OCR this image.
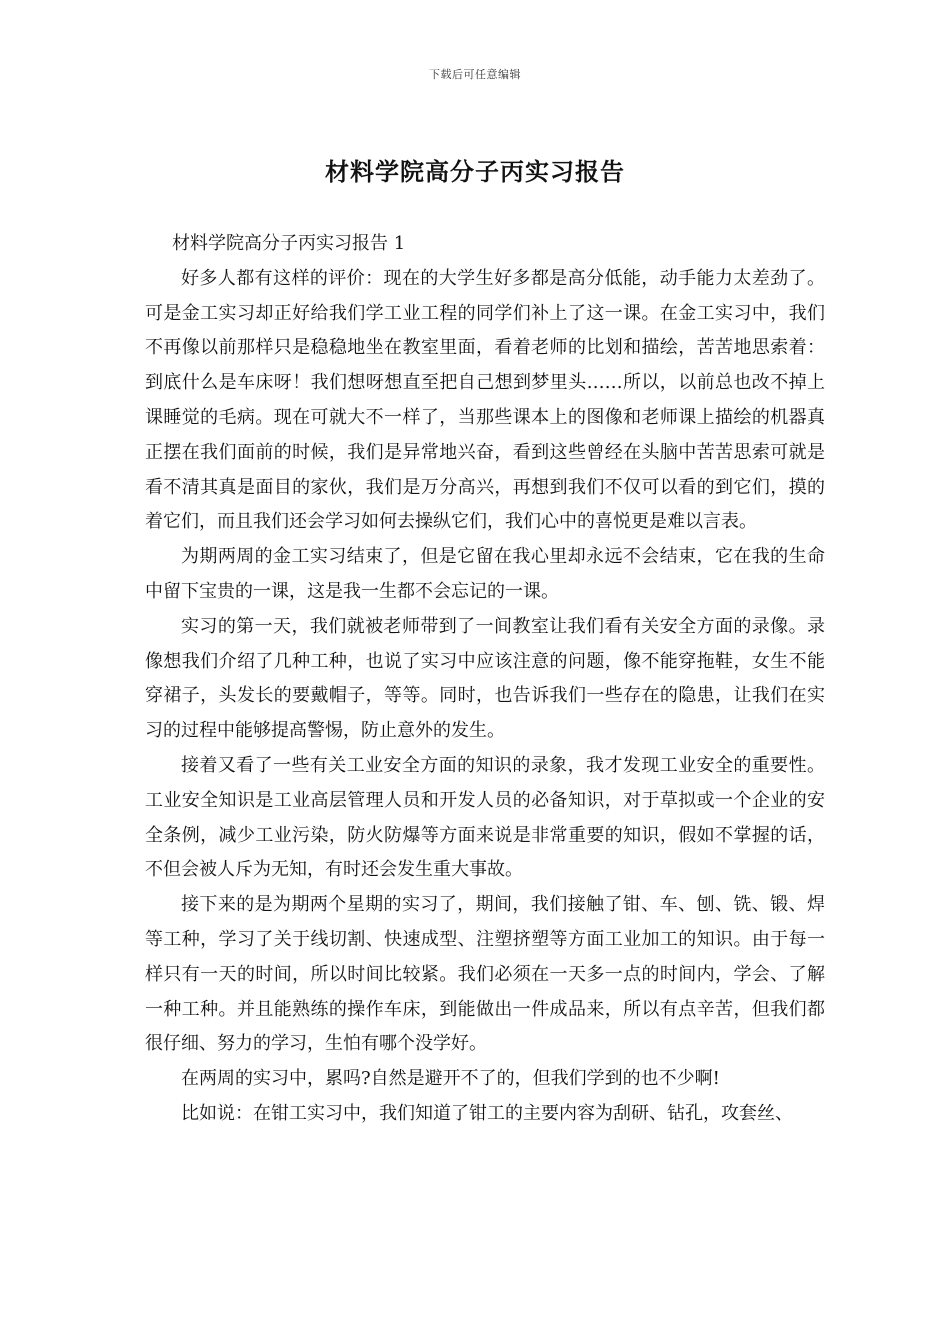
下载后可任意编辑
材料学院高分子丙实习报告

材料学院高分子丙实习报告 1

好多人都有这样的评价：现在的大学生好多都是高分低能，动手能力太差劲了。可是金工实习却正好给我们学工业工程的同学们补上了这一课。在金工实习中，我们不再像以前那样只是稳稳地坐在教室里面，看着老师的比划和描绘，苦苦地思索着：到底什么是车床呀！我们想呀想直至把自己想到梦里头……所以，以前总也改不掉上课睡觉的毛病。现在可就大不一样了，当那些课本上的图像和老师课上描绘的机器真正摆在我们面前的时候，我们是异常地兴奋，看到这些曾经在头脑中苦苦思索可就是看不清其真是面目的家伙，我们是万分高兴，再想到我们不仅可以看的到它们，摸的着它们，而且我们还会学习如何去操纵它们，我们心中的喜悦更是难以言表。

为期两周的金工实习结束了，但是它留在我心里却永远不会结束，它在我的生命中留下宝贵的一课，这是我一生都不会忘记的一课。

实习的第一天，我们就被老师带到了一间教室让我们看有关安全方面的录像。录像想我们介绍了几种工种，也说了实习中应该注意的问题，像不能穿拖鞋，女生不能穿裙子，头发长的要戴帽子，等等。同时，也告诉我们一些存在的隐患，让我们在实习的过程中能够提高警惕，防止意外的发生。

接着又看了一些有关工业安全方面的知识的录象，我才发现工业安全的重要性。工业安全知识是工业高层管理人员和开发人员的必备知识，对于草拟或一个企业的安全条例，减少工业污染，防火防爆等方面来说是非常重要的知识，假如不掌握的话，不但会被人斥为无知，有时还会发生重大事故。

接下来的是为期两个星期的实习了，期间，我们接触了钳、车、刨、铣、锻、焊等工种，学习了关于线切割、快速成型、注塑挤塑等方面工业加工的知识。由于每一样只有一天的时间，所以时间比较紧。我们必须在一天多一点的时间内，学会、了解一种工种。并且能熟练的操作车床，到能做出一件成品来，所以有点辛苦，但我们都很仔细、努力的学习，生怕有哪个没学好。

在两周的实习中，累吗?自然是避开不了的，但我们学到的也不少啊!

比如说：在钳工实习中，我们知道了钳工的主要内容为刮研、钻孔，攻套丝、
